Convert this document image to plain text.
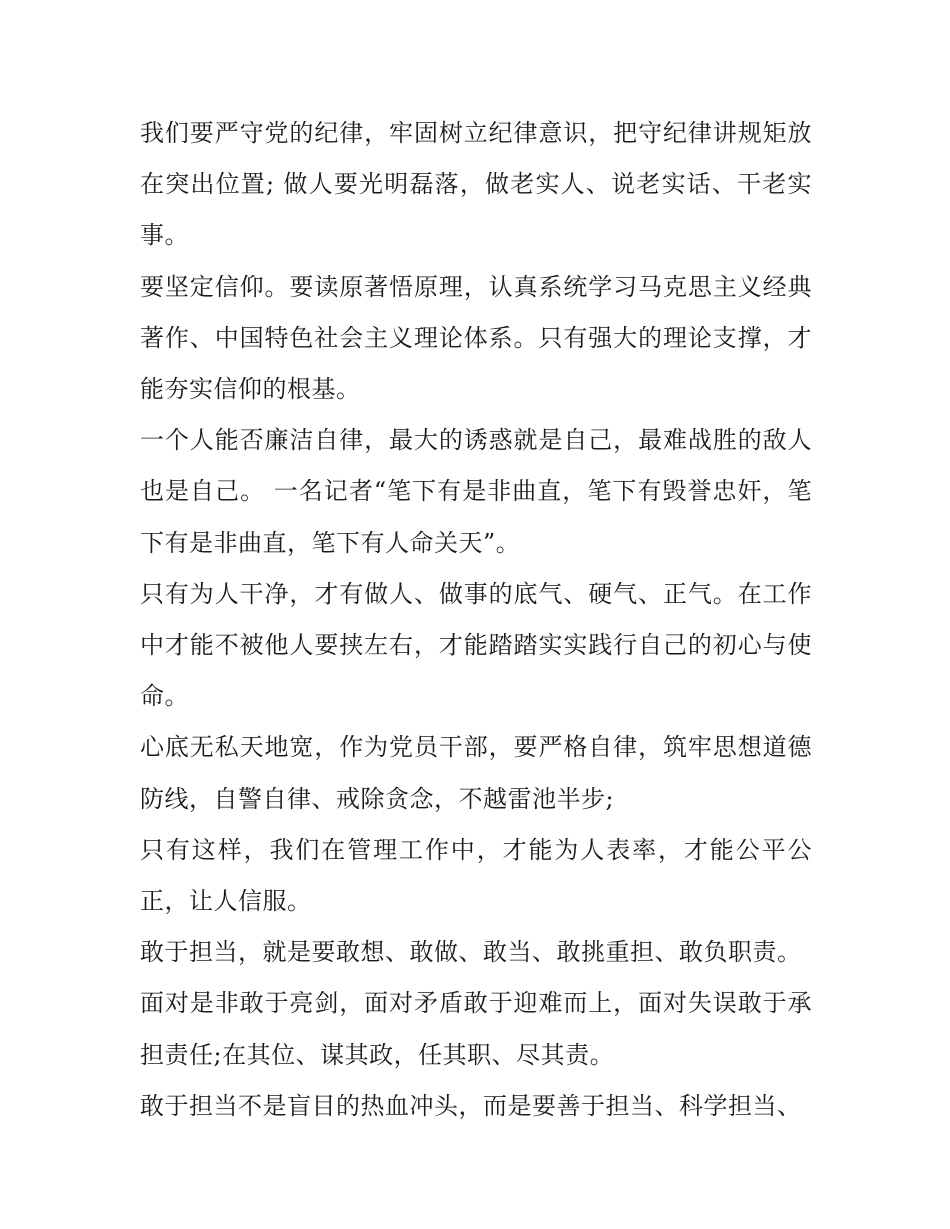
我们要严守党的纪律，牢固树立纪律意识，把守纪律讲规矩放在突出位置; 做人要光明磊落，做老实人、说老实话、干老实事。

要坚定信仰。要读原著悟原理，认真系统学习马克思主义经典著作、中国特色社会主义理论体系。只有强大的理论支撑，才能夯实信仰的根基。

一个人能否廉洁自律，最大的诱惑就是自己，最难战胜的敌人也是自己。 一名记者“笔下有是非曲直，笔下有毁誉忠奸，笔下有是非曲直，笔下有人命关天”。

只有为人干净，才有做人、做事的底气、硬气、正气。在工作中才能不被他人要挟左右，才能踏踏实实践行自己的初心与使命。

心底无私天地宽，作为党员干部，要严格自律，筑牢思想道德防线，自警自律、戒除贪念，不越雷池半步;

只有这样，我们在管理工作中，才能为人表率，才能公平公正，让人信服。

敢于担当，就是要敢想、敢做、敢当、敢挑重担、敢负职责。

面对是非敢于亮剑，面对矛盾敢于迎难而上，面对失误敢于承担责任;在其位、谋其政，任其职、尽其责。

敢于担当不是盲目的热血冲头，而是要善于担当、科学担当、
